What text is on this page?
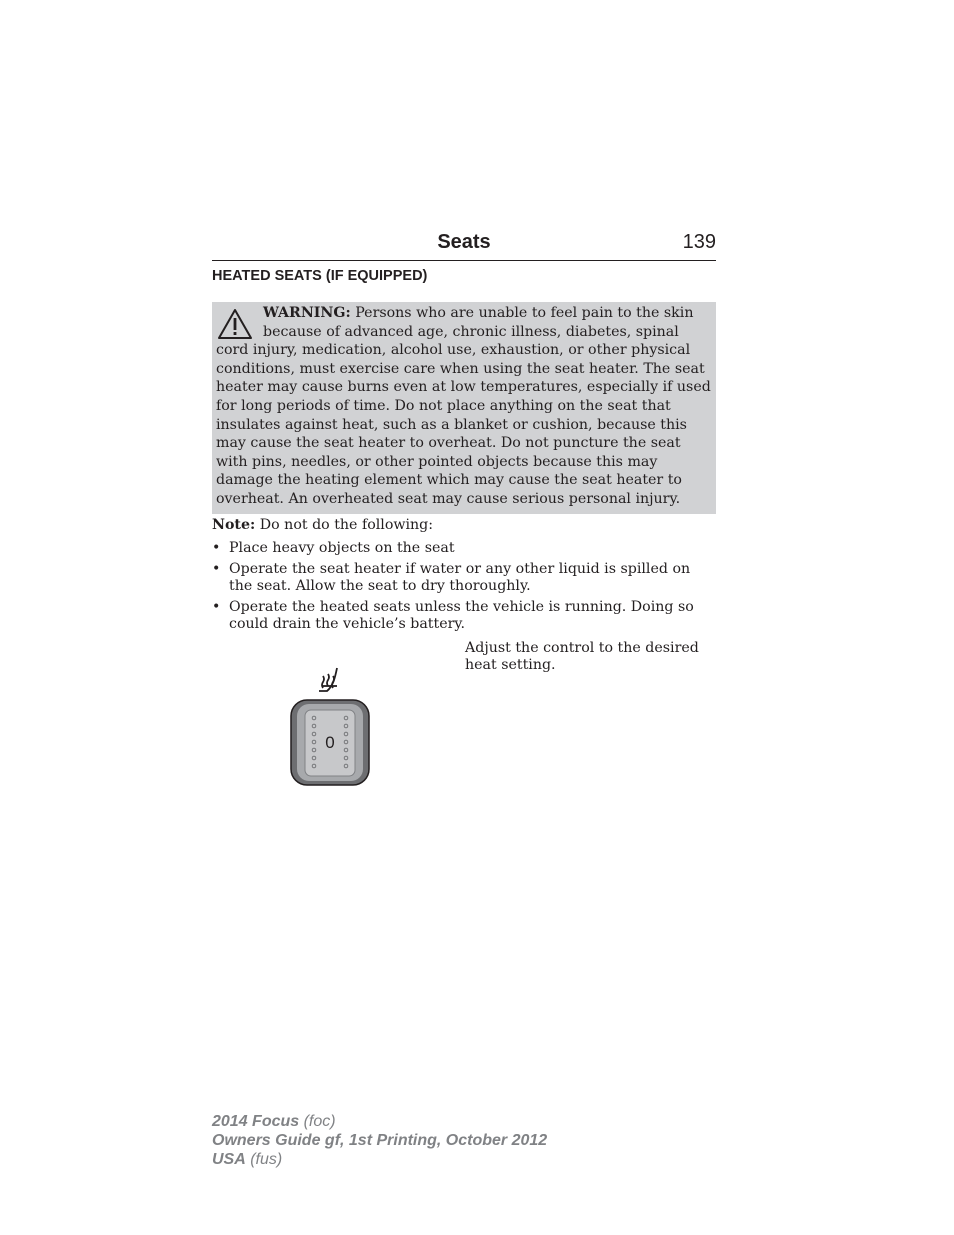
Seats	139
HEATED SEATS (IF EQUIPPED)
WARNING: Persons who are unable to feel pain to the skin because of advanced age, chronic illness, diabetes, spinal cord injury, medication, alcohol use, exhaustion, or other physical conditions, must exercise care when using the seat heater. The seat heater may cause burns even at low temperatures, especially if used for long periods of time. Do not place anything on the seat that insulates against heat, such as a blanket or cushion, because this may cause the seat heater to overheat. Do not puncture the seat with pins, needles, or other pointed objects because this may damage the heating element which may cause the seat heater to overheat. An overheated seat may cause serious personal injury.
Note: Do not do the following:
• Place heavy objects on the seat
• Operate the seat heater if water or any other liquid is spilled on the seat. Allow the seat to dry thoroughly.
• Operate the heated seats unless the vehicle is running. Doing so could drain the vehicle’s battery.
Adjust the control to the desired heat setting.
0
2014 Focus (foc)
Owners Guide gf, 1st Printing, October 2012
USA (fus)
